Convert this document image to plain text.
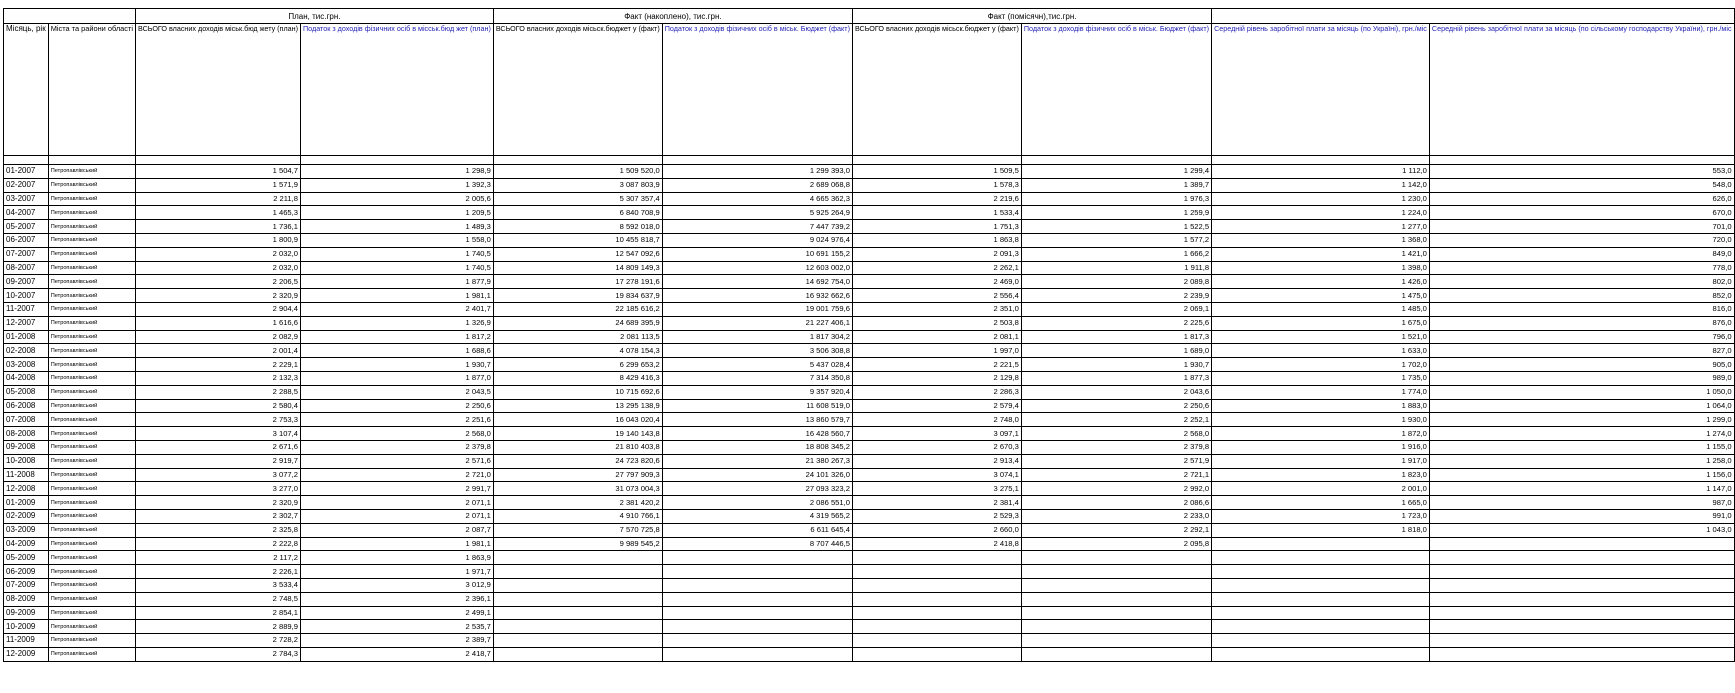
		План, тис.грн.		Факт (накоплено), тис.грн.		Факт (помісячн),тис.грн.			
Місяць, рік	Міста та райони області	ВСЬОГО власних доходів міськ.бюд жету (план)	Податок з доходів фізичних осіб в місськ.бюд жет (план)	ВСЬОГО власних доходів місьск.бюджет у (факт)	Податок з доходів фізичних осіб в міськ. Бюджет (факт)	ВСЬОГО власних доходів місьск.бюджет у (факт)	Податок з доходів фізичних осіб в міськ. Бюджет (факт)	Середній рівень заробітної плати за місяць (по Україні), грн./міс	Середній рівень заробітної плати за місяць (по сільському господарству України), грн./міс

01-2007	Петропавлівський	1 504,7	1 298,9	1 509 520,0	1 299 393,0	1 509,5	1 299,4	1 112,0	553,0
02-2007	Петропавлівський	1 571,9	1 392,3	3 087 803,9	2 689 068,8	1 578,3	1 389,7	1 142,0	548,0
03-2007	Петропавлівський	2 211,8	2 005,6	5 307 357,4	4 665 362,3	2 219,6	1 976,3	1 230,0	626,0
04-2007	Петропавлівський	1 465,3	1 209,5	6 840 708,9	5 925 264,9	1 533,4	1 259,9	1 224,0	670,0
05-2007	Петропавлівський	1 736,1	1 489,3	8 592 018,0	7 447 739,2	1 751,3	1 522,5	1 277,0	701,0
06-2007	Петропавлівський	1 800,9	1 558,0	10 455 818,7	9 024 976,4	1 863,8	1 577,2	1 368,0	720,0
07-2007	Петропавлівський	2 032,0	1 740,5	12 547 092,6	10 691 155,2	2 091,3	1 666,2	1 421,0	849,0
08-2007	Петропавлівський	2 032,0	1 740,5	14 809 149,3	12 603 002,0	2 262,1	1 911,8	1 398,0	778,0
09-2007	Петропавлівський	2 206,5	1 877,9	17 278 191,6	14 692 754,0	2 469,0	2 089,8	1 426,0	802,0
10-2007	Петропавлівський	2 320,9	1 981,1	19 834 637,9	16 932 662,6	2 556,4	2 239,9	1 475,0	852,0
11-2007	Петропавлівський	2 904,4	2 401,7	22 185 616,2	19 001 759,6	2 351,0	2 069,1	1 485,0	816,0
12-2007	Петропавлівський	1 616,6	1 326,9	24 689 395,9	21 227 406,1	2 503,8	2 225,6	1 675,0	876,0
01-2008	Петропавлівський	2 082,9	1 817,2	2 081 113,5	1 817 304,2	2 081,1	1 817,3	1 521,0	796,0
02-2008	Петропавлівський	2 001,4	1 688,6	4 078 154,3	3 506 308,8	1 997,0	1 689,0	1 633,0	827,0
03-2008	Петропавлівський	2 229,1	1 930,7	6 299 653,2	5 437 028,4	2 221,5	1 930,7	1 702,0	905,0
04-2008	Петропавлівський	2 132,3	1 877,0	8 429 416,3	7 314 350,8	2 129,8	1 877,3	1 735,0	989,0
05-2008	Петропавлівський	2 288,5	2 043,5	10 715 692,6	9 357 920,4	2 286,3	2 043,6	1 774,0	1 050,0
06-2008	Петропавлівський	2 580,4	2 250,6	13 295 138,9	11 608 519,0	2 579,4	2 250,6	1 883,0	1 064,0
07-2008	Петропавлівський	2 753,3	2 251,6	16 043 020,4	13 860 579,7	2 748,0	2 252,1	1 930,0	1 299,0
08-2008	Петропавлівський	3 107,4	2 568,0	19 140 143,8	16 428 560,7	3 097,1	2 568,0	1 872,0	1 274,0
09-2008	Петропавлівський	2 671,6	2 379,8	21 810 403,8	18 808 345,2	2 670,3	2 379,8	1 916,0	1 155,0
10-2008	Петропавлівський	2 919,7	2 571,6	24 723 820,6	21 380 267,3	2 913,4	2 571,9	1 917,0	1 258,0
11-2008	Петропавлівський	3 077,2	2 721,0	27 797 909,3	24 101 326,0	3 074,1	2 721,1	1 823,0	1 156,0
12-2008	Петропавлівський	3 277,0	2 991,7	31 073 004,3	27 093 323,2	3 275,1	2 992,0	2 001,0	1 147,0
01-2009	Петропавлівський	2 320,9	2 071,1	2 381 420,2	2 086 551,0	2 381,4	2 086,6	1 665,0	987,0
02-2009	Петропавлівський	2 302,7	2 071,1	4 910 766,1	4 319 565,2	2 529,3	2 233,0	1 723,0	991,0
03-2009	Петропавлівський	2 325,8	2 087,7	7 570 725,8	6 611 645,4	2 660,0	2 292,1	1 818,0	1 043,0
04-2009	Петропавлівський	2 222,8	1 981,1	9 989 545,2	8 707 446,5	2 418,8	2 095,8		
05-2009	Петропавлівський	2 117,2	1 863,9						
06-2009	Петропавлівський	2 226,1	1 971,7						
07-2009	Петропавлівський	3 533,4	3 012,9						
08-2009	Петропавлівський	2 748,5	2 396,1						
09-2009	Петропавлівський	2 854,1	2 499,1						
10-2009	Петропавлівський	2 889,9	2 535,7						
11-2009	Петропавлівський	2 728,2	2 389,7						
12-2009	Петропавлівський	2 784,3	2 418,7						
